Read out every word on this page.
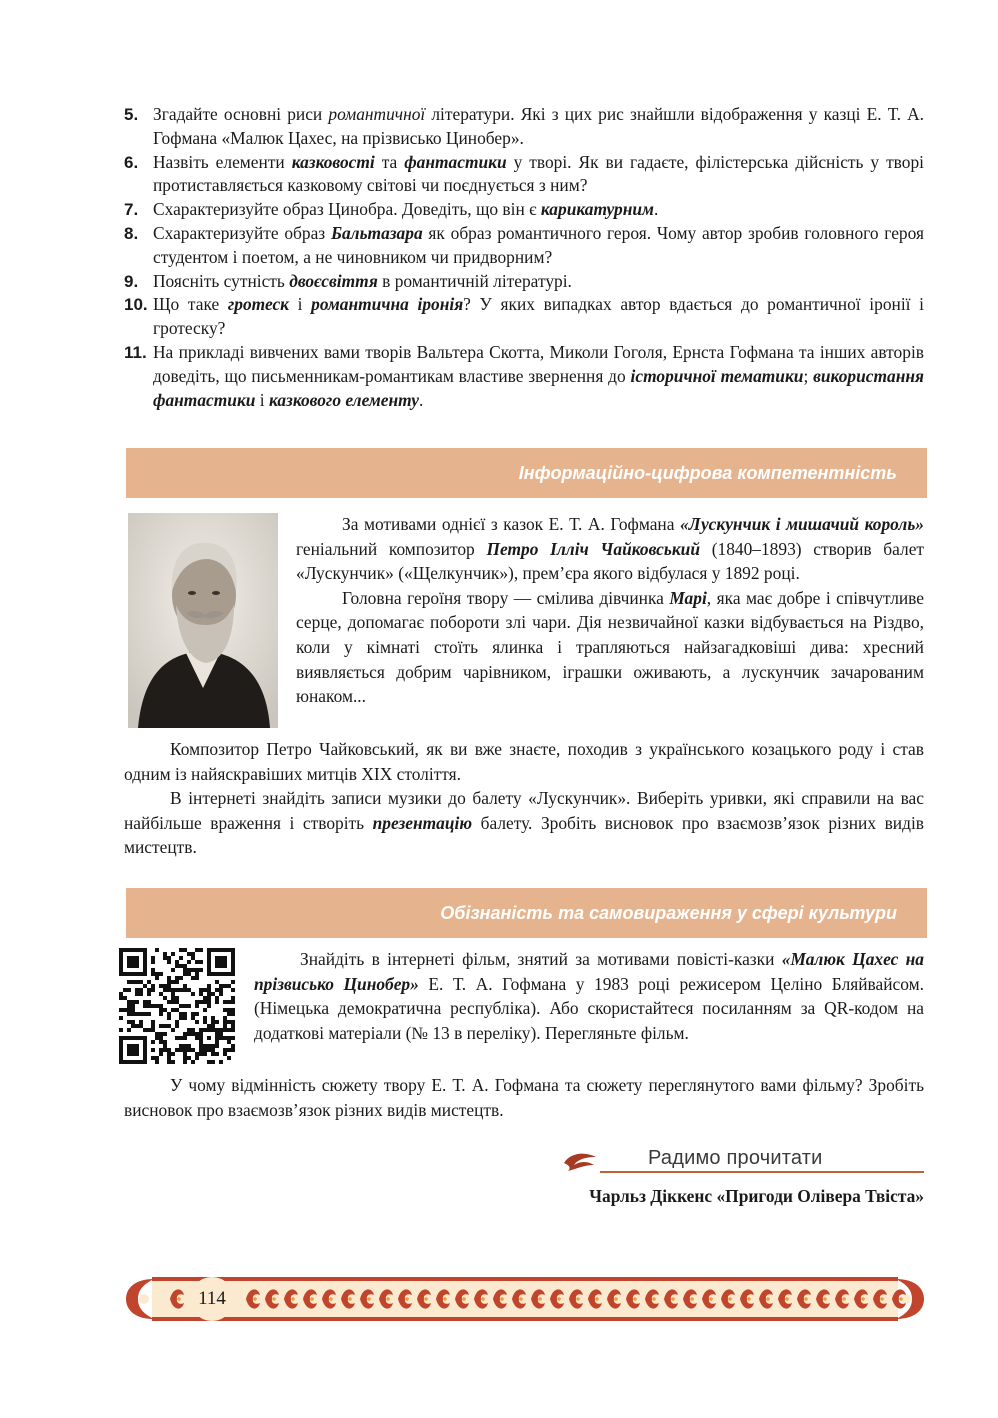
5. Згадайте основні риси романтичної літератури. Які з цих рис знайшли відображення у казці Е. Т. А. Гофмана «Малюк Цахес, на прізвисько Цинобер».
6. Назвіть елементи казковості та фантастики у творі. Як ви гадаєте, філістерська дійсність у творі протиставляється казковому світові чи поєднується з ним?
7. Схарактеризуйте образ Цинобра. Доведіть, що він є карикатурним.
8. Схарактеризуйте образ Бальтазара як образ романтичного героя. Чому автор зробив головного героя студентом і поетом, а не чиновником чи придворним?
9. Поясніть сутність двоєсвіття в романтичній літературі.
10. Що таке гротеск і романтична іронія? У яких випадках автор вдається до романтичної іронії і гротеску?
11. На прикладі вивчених вами творів Вальтера Скотта, Миколи Гоголя, Ернста Гофмана та інших авторів доведіть, що письменникам-романтикам властиве звернення до історичної тематики; використання фантастики і казкового елементу.
Інформаційно-цифрова компетентність

За мотивами однієї з казок Е. Т. А. Гофмана «Лускунчик і мишачий король» геніальний композитор Петро Ілліч Чайковський (1840–1893) створив балет «Лускунчик» («Щелкунчик»), прем’єра якого відбулася у 1892 році.

Головна героїня твору — смілива дівчинка Марі, яка має добре і співчутливе серце, допомагає побороти злі чари. Дія незвичайної казки відбувається на Різдво, коли у кімнаті стоїть ялинка і трапляються найзагадковіші дива: хресний виявляється добрим чарівником, іграшки оживають, а лускунчик зачарованим юнаком...

Композитор Петро Чайковський, як ви вже знаєте, походив з українського козацького роду і став одним із найяскравіших митців XIX століття.

В інтернеті знайдіть записи музики до балету «Лускунчик». Виберіть уривки, які справили на вас найбільше враження і створіть презентацію балету. Зробіть висновок про взаємозв’язок різних видів мистецтв.

Обізнаність та самовираження у сфері культури

Знайдіть в інтернеті фільм, знятий за мотивами повісті-казки «Малюк Цахес на прізвисько Цинобер» Е. Т. А. Гофмана у 1983 році режисером Целіно Бляйвайсом. (Німецька демократична республіка). Або скористайтеся посиланням за QR-кодом на додаткові матеріали (№ 13 в переліку). Перегляньте фільм.

У чому відмінність сюжету твору Е. Т. А. Гофмана та сюжету переглянутого вами фільму? Зробіть висновок про взаємозв’язок різних видів мистецтв.

Радимо прочитати
Чарльз Діккенс «Пригоди Олівера Твіста»
114
